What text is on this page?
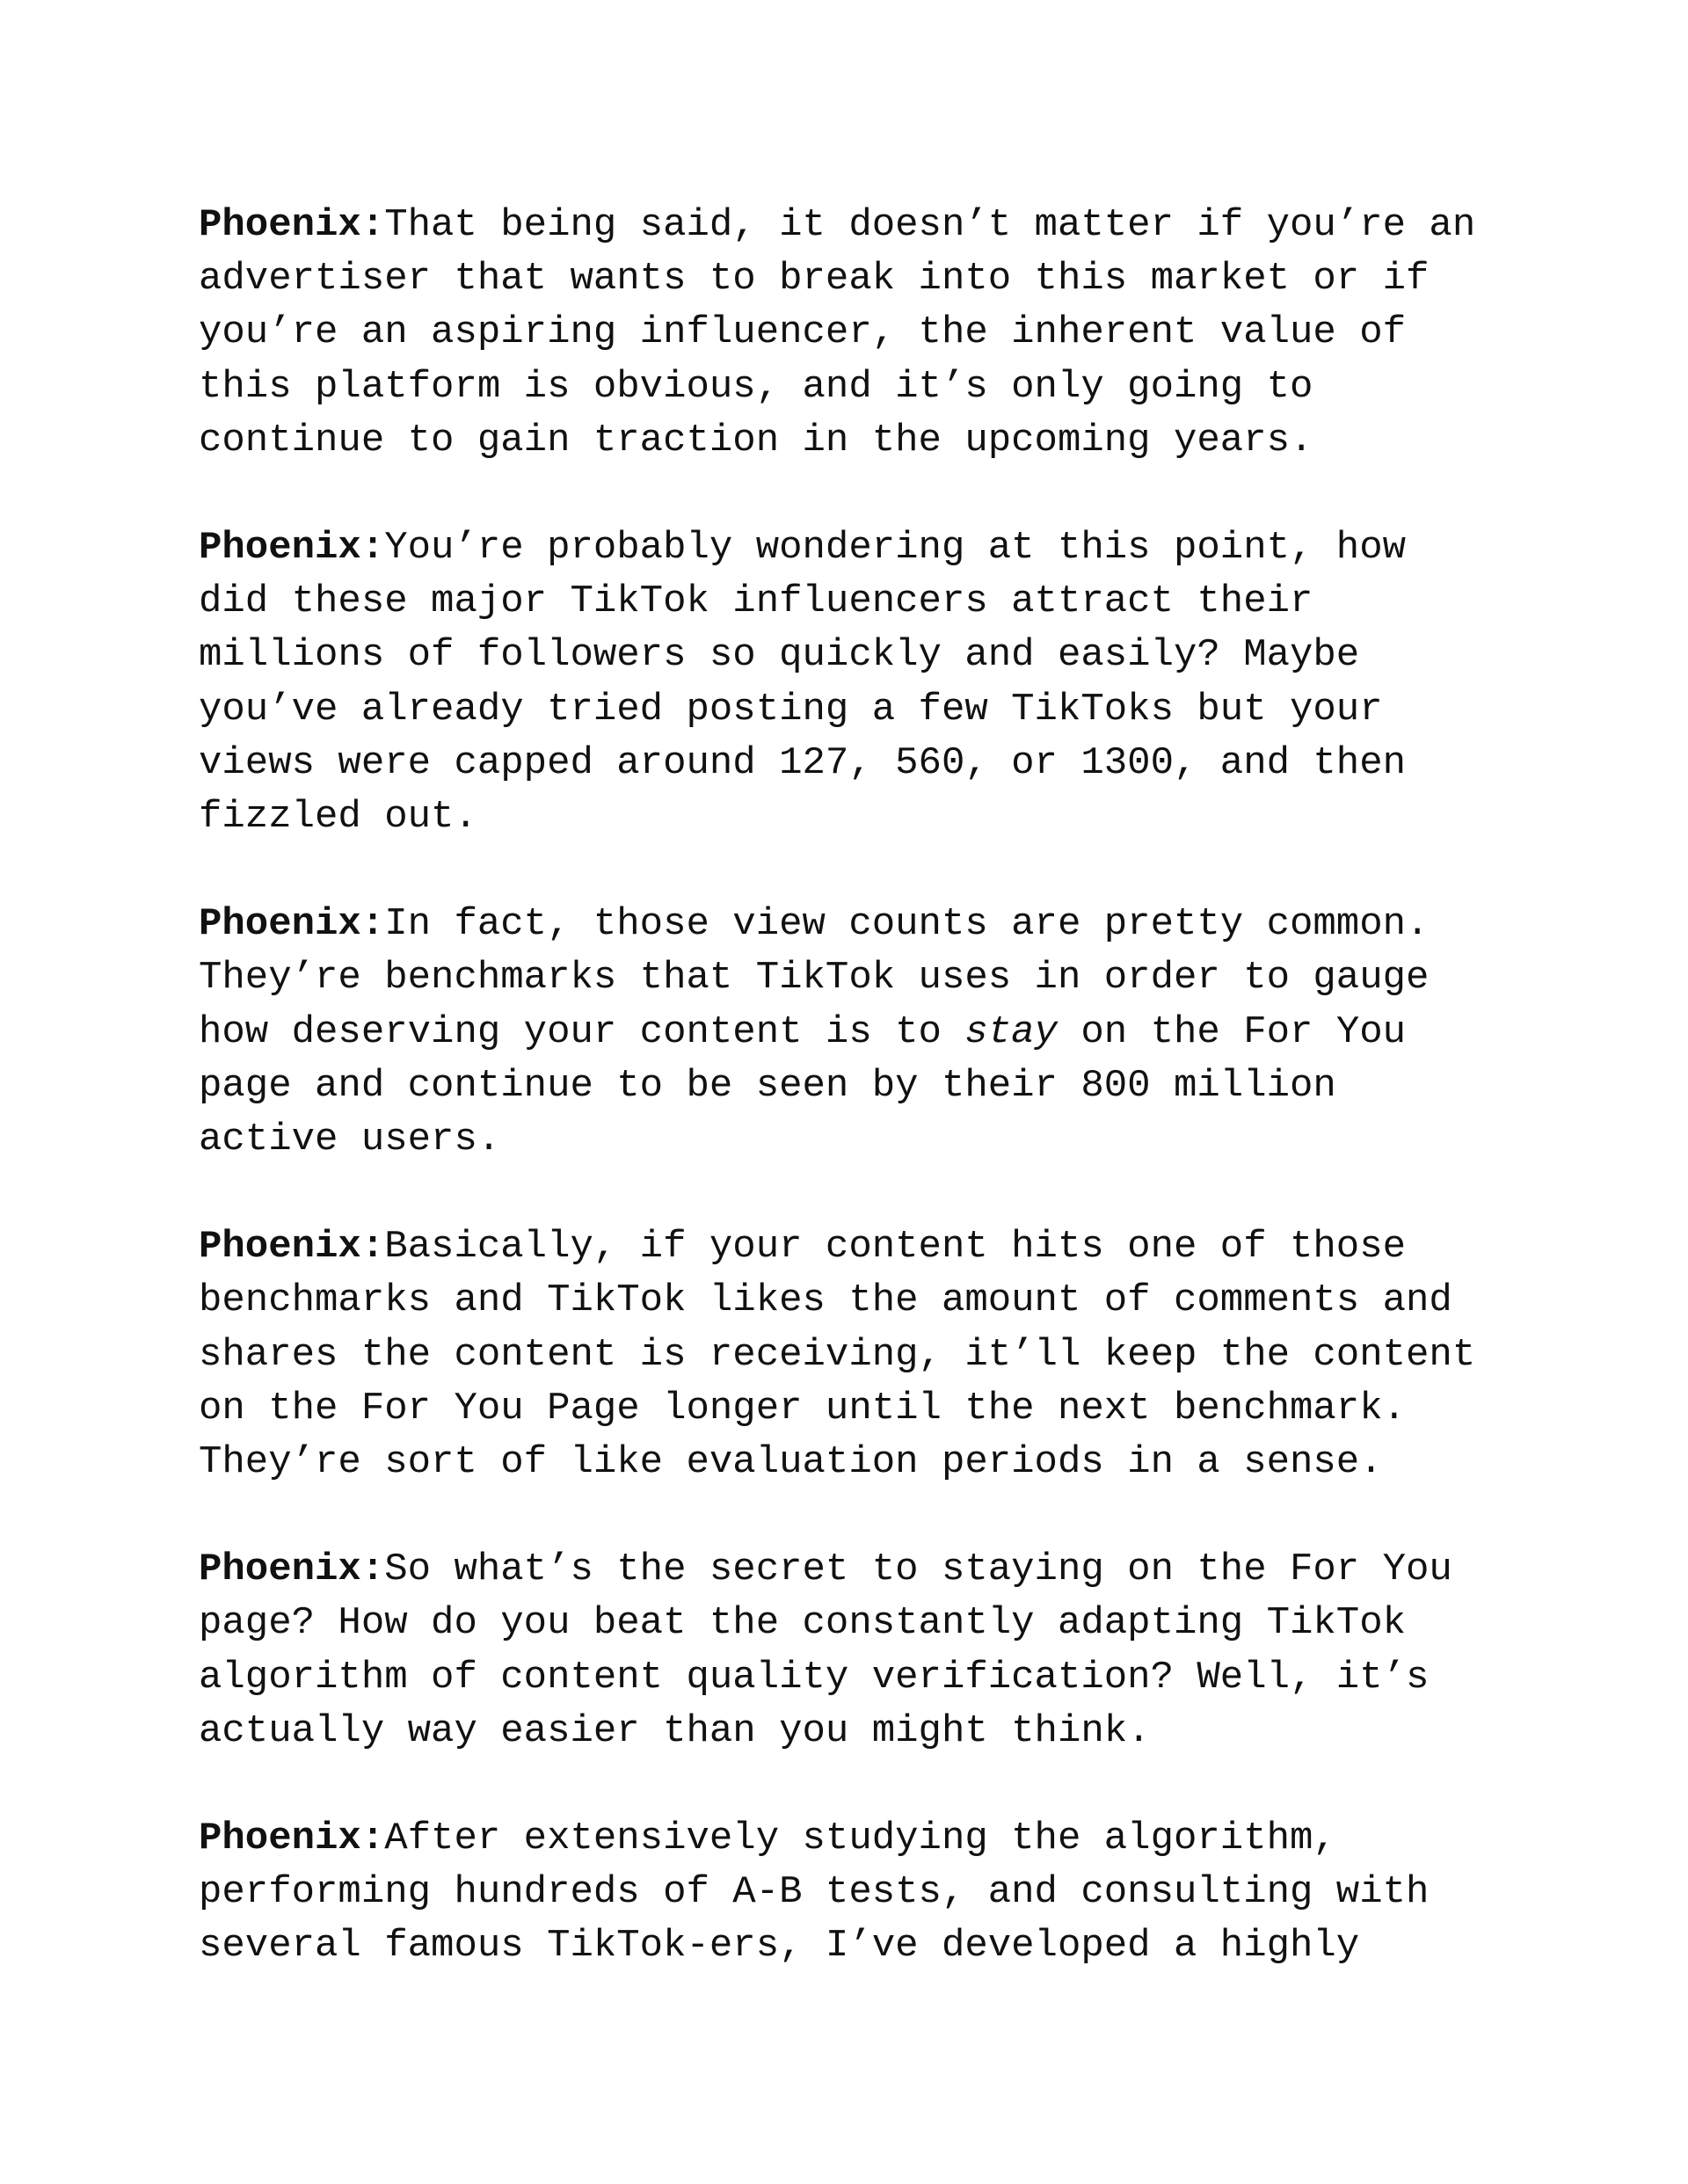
Phoenix:That being said, it doesn’t matter if you’re an
advertiser that wants to break into this market or if
you’re an aspiring influencer, the inherent value of
this platform is obvious, and it’s only going to
continue to gain traction in the upcoming years.

Phoenix:You’re probably wondering at this point, how
did these major TikTok influencers attract their
millions of followers so quickly and easily? Maybe
you’ve already tried posting a few TikToks but your
views were capped around 127, 560, or 1300, and then
fizzled out.

Phoenix:In fact, those view counts are pretty common.
They’re benchmarks that TikTok uses in order to gauge
how deserving your content is to stay on the For You
page and continue to be seen by their 800 million
active users.

Phoenix:Basically, if your content hits one of those
benchmarks and TikTok likes the amount of comments and
shares the content is receiving, it’ll keep the content
on the For You Page longer until the next benchmark.
They’re sort of like evaluation periods in a sense.

Phoenix:So what’s the secret to staying on the For You
page? How do you beat the constantly adapting TikTok
algorithm of content quality verification? Well, it’s
actually way easier than you might think.

Phoenix:After extensively studying the algorithm,
performing hundreds of A-B tests, and consulting with
several famous TikTok-ers, I’ve developed a highly
